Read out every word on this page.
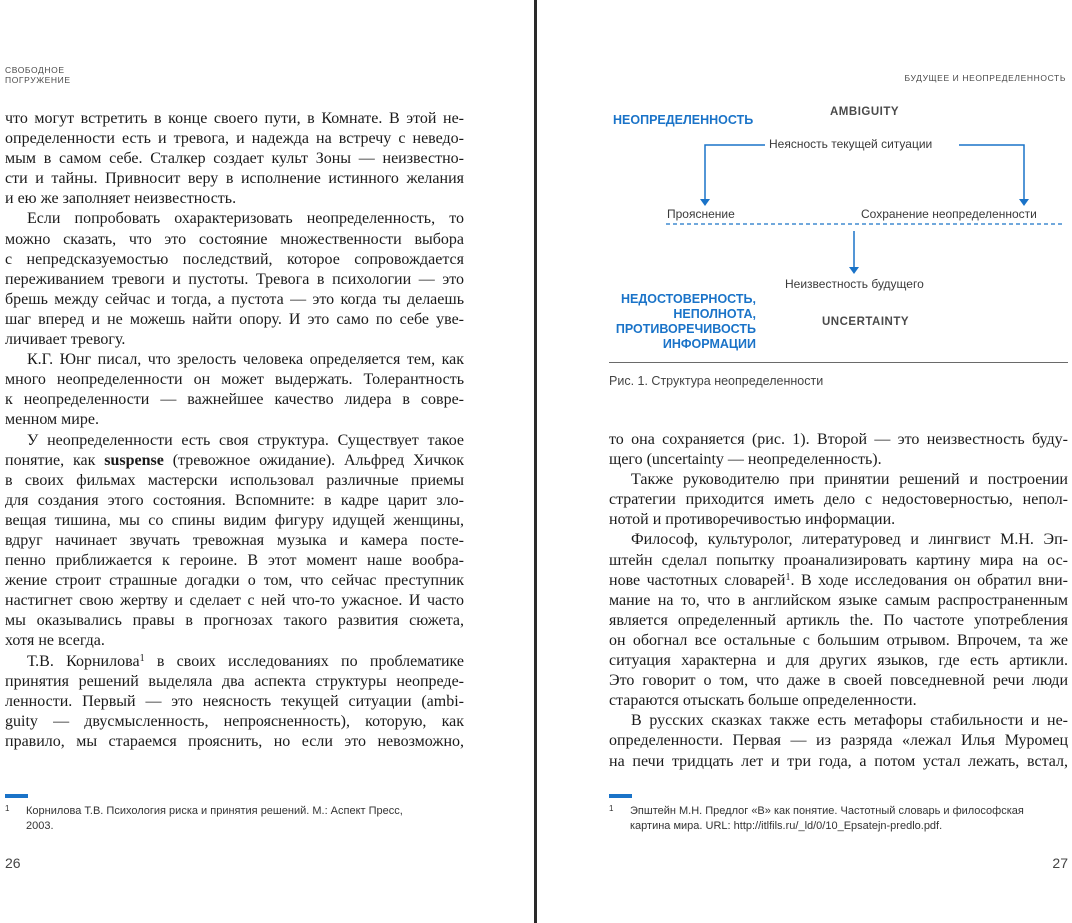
СВОБОДНОЕ
ПОГРУЖЕНИЕ
что могут встретить в конце своего пути, в Комнате. В этой не-
определенности есть и тревога, и надежда на встречу с неведо-
мым в самом себе. Сталкер создает культ Зоны — неизвестно-
сти и тайны. Привносит веру в исполнение истинного желания
и ею же заполняет неизвестность.
Если попробовать охарактеризовать неопределенность, то
можно сказать, что это состояние множественности выбора
с непредсказуемостью последствий, которое сопровождается
переживанием тревоги и пустоты. Тревога в психологии — это
брешь между сейчас и тогда, а пустота — это когда ты делаешь
шаг вперед и не можешь найти опору. И это само по себе уве-
личивает тревогу.
К.Г. Юнг писал, что зрелость человека определяется тем, как
много неопределенности он может выдержать. Толерантность
к неопределенности — важнейшее качество лидера в совре-
менном мире.
У неопределенности есть своя структура. Существует такое
понятие, как suspense (тревожное ожидание). Альфред Хичкок
в своих фильмах мастерски использовал различные приемы
для создания этого состояния. Вспомните: в кадре царит зло-
вещая тишина, мы со спины видим фигуру идущей женщины,
вдруг начинает звучать тревожная музыка и камера посте-
пенно приближается к героине. В этот момент наше вообра-
жение строит страшные догадки о том, что сейчас преступник
настигнет свою жертву и сделает с ней что-то ужасное. И часто
мы оказывались правы в прогнозах такого развития сюжета,
хотя не всегда.
Т.В. Корнилова$^1$ в своих исследованиях по проблематике
принятия решений выделяла два аспекта структуры неопреде-
ленности. Первый — это неясность текущей ситуации (ambi-
guity — двусмысленность, непроясненность), которую, как
правило, мы стараемся прояснить, но если это невозможно,
1 Корнилова Т.В. Психология риска и принятия решений. М.: Аспект Пресс,
2003.
26
БУДУЩЕЕ И НЕОПРЕДЕЛЕННОСТЬ
НЕОПРЕДЕЛЕННОСТЬ
AMBIGUITY
Неясность текущей ситуации
Прояснение	Сохранение неопределенности
Неизвестность будущего
НЕДОСТОВЕРНОСТЬ,
НЕПОЛНОТА,
ПРОТИВОРЕЧИВОСТЬ
ИНФОРМАЦИИ
UNCERTAINTY
Рис. 1. Структура неопределенности
то она сохраняется (рис. 1). Второй — это неизвестность буду-
щего (uncertainty — неопределенность).
Также руководителю при принятии решений и построении
стратегии приходится иметь дело с недостоверностью, непол-
нотой и противоречивостью информации.
Философ, культуролог, литературовед и лингвист М.Н. Эп-
штейн сделал попытку проанализировать картину мира на ос-
нове частотных словарей$^1$. В ходе исследования он обратил вни-
мание на то, что в английском языке самым распространенным
является определенный артикль the. По частоте употребления
он обогнал все остальные с большим отрывом. Впрочем, та же
ситуация характерна и для других языков, где есть артикли.
Это говорит о том, что даже в своей повседневной речи люди
стараются отыскать больше определенности.
В русских сказках также есть метафоры стабильности и не-
определенности. Первая — из разряда «лежал Илья Муромец
на печи тридцать лет и три года, а потом устал лежать, встал,
1 Эпштейн М.Н. Предлог «В» как понятие. Частотный словарь и философская
картина мира. URL: http://itlfils.ru/_ld/0/10_Epsatejn-predlo.pdf.
27
